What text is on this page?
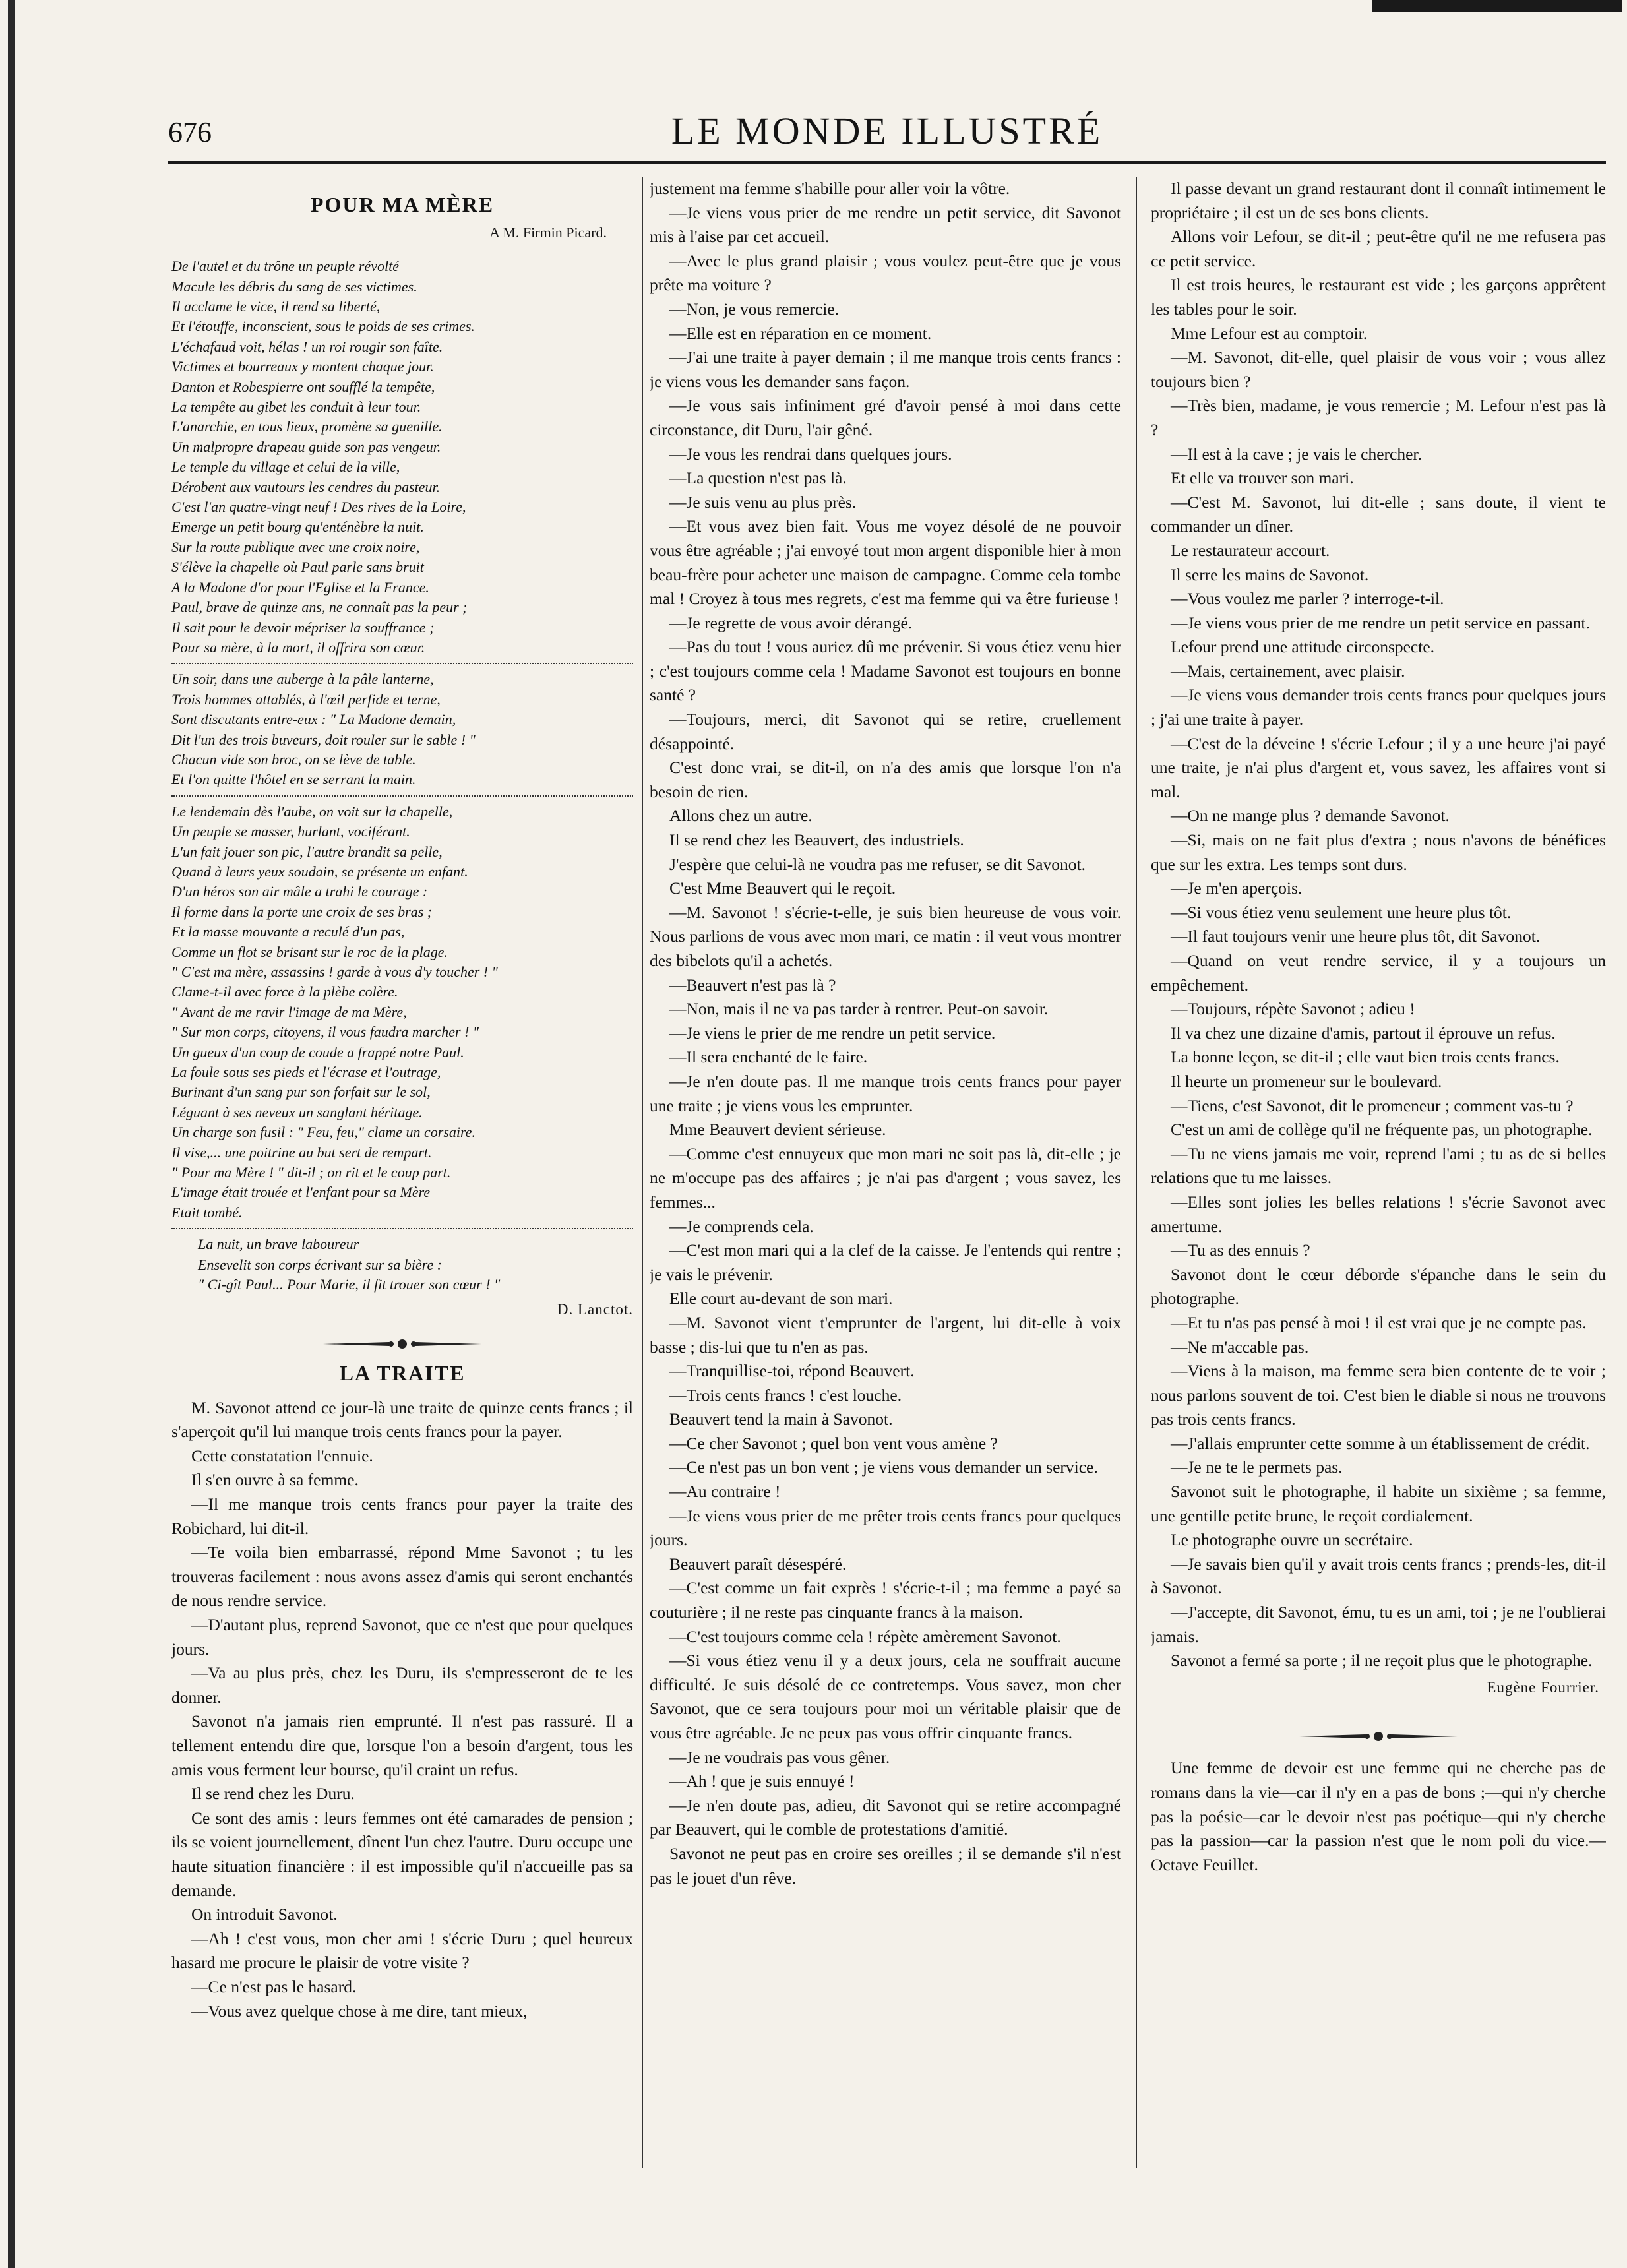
676	LE MONDE ILLUSTRÉ
POUR MA MÈRE
A M. Firmin Picard.
De l'autel et du trône un peuple révolté
Macule les débris du sang de ses victimes.
Il acclame le vice, il rend sa liberté,
Et l'étouffe, inconscient, sous le poids de ses crimes.
L'échafaud voit, hélas ! un roi rougir son faîte.
Victimes et bourreaux y montent chaque jour.
Danton et Robespierre ont soufflé la tempête,
La tempête au gibet les conduit à leur tour.
L'anarchie, en tous lieux, promène sa guenille.
Un malpropre drapeau guide son pas vengeur.
Le temple du village et celui de la ville,
Dérobent aux vautours les cendres du pasteur.
C'est l'an quatre-vingt neuf ! Des rives de la Loire,
Emerge un petit bourg qu'enténèbre la nuit.
Sur la route publique avec une croix noire,
S'élève la chapelle où Paul parle sans bruit
A la Madone d'or pour l'Eglise et la France.
Paul, brave de quinze ans, ne connaît pas la peur ;
Il sait pour le devoir mépriser la souffrance ;
Pour sa mère, à la mort, il offrira son cœur.
Un soir, dans une auberge à la pâle lanterne,
Trois hommes attablés, à l'œil perfide et terne,
Sont discutants entre-eux : " La Madone demain,
Dit l'un des trois buveurs, doit rouler sur le sable ! "
Chacun vide son broc, on se lève de table.
Et l'on quitte l'hôtel en se serrant la main.
Le lendemain dès l'aube, on voit sur la chapelle,
Un peuple se masser, hurlant, vociférant.
L'un fait jouer son pic, l'autre brandit sa pelle,
Quand à leurs yeux soudain, se présente un enfant.
D'un héros son air mâle a trahi le courage :
Il forme dans la porte une croix de ses bras ;
Et la masse mouvante a reculé d'un pas,
Comme un flot se brisant sur le roc de la plage.
" C'est ma mère, assassins ! garde à vous d'y toucher ! "
Clame-t-il avec force à la plèbe colère.
" Avant de me ravir l'image de ma Mère,
" Sur mon corps, citoyens, il vous faudra marcher ! "
Un gueux d'un coup de coude a frappé notre Paul.
La foule sous ses pieds et l'écrase et l'outrage,
Burinant d'un sang pur son forfait sur le sol,
Léguant à ses neveux un sanglant héritage.
Un charge son fusil : " Feu, feu," clame un corsaire.
Il vise,... une poitrine au but sert de rempart.
" Pour ma Mère ! " dit-il ; on rit et le coup part.
L'image était trouée et l'enfant pour sa Mère
Etait tombé.
La nuit, un brave laboureur
Ensevelit son corps écrivant sur sa bière :
" Ci-gît Paul... Pour Marie, il fit trouer son cœur ! "
D. Lanctot.
LA TRAITE

M. Savonot attend ce jour-là une traite de quinze cents francs ; il s'aperçoit qu'il lui manque trois cents francs pour la payer.

Cette constatation l'ennuie.

Il s'en ouvre à sa femme.

—Il me manque trois cents francs pour payer la traite des Robichard, lui dit-il.

—Te voila bien embarrassé, répond Mme Savonot ; tu les trouveras facilement : nous avons assez d'amis qui seront enchantés de nous rendre service.

—D'autant plus, reprend Savonot, que ce n'est que pour quelques jours.

—Va au plus près, chez les Duru, ils s'empresseront de te les donner.

Savonot n'a jamais rien emprunté. Il n'est pas rassuré. Il a tellement entendu dire que, lorsque l'on a besoin d'argent, tous les amis vous ferment leur bourse, qu'il craint un refus.

Il se rend chez les Duru.

Ce sont des amis : leurs femmes ont été camarades de pension ; ils se voient journellement, dînent l'un chez l'autre. Duru occupe une haute situation financière : il est impossible qu'il n'accueille pas sa demande.

On introduit Savonot.

—Ah ! c'est vous, mon cher ami ! s'écrie Duru ; quel heureux hasard me procure le plaisir de votre visite ?

—Ce n'est pas le hasard.

—Vous avez quelque chose à me dire, tant mieux,

justement ma femme s'habille pour aller voir la vôtre.

—Je viens vous prier de me rendre un petit service, dit Savonot mis à l'aise par cet accueil.

—Avec le plus grand plaisir ; vous voulez peut-être que je vous prête ma voiture ?

—Non, je vous remercie.

—Elle est en réparation en ce moment.

—J'ai une traite à payer demain ; il me manque trois cents francs : je viens vous les demander sans façon.

—Je vous sais infiniment gré d'avoir pensé à moi dans cette circonstance, dit Duru, l'air gêné.

—Je vous les rendrai dans quelques jours.

—La question n'est pas là.

—Je suis venu au plus près.

—Et vous avez bien fait. Vous me voyez désolé de ne pouvoir vous être agréable ; j'ai envoyé tout mon argent disponible hier à mon beau-frère pour acheter une maison de campagne. Comme cela tombe mal ! Croyez à tous mes regrets, c'est ma femme qui va être furieuse !

—Je regrette de vous avoir dérangé.

—Pas du tout ! vous auriez dû me prévenir. Si vous étiez venu hier ; c'est toujours comme cela ! Madame Savonot est toujours en bonne santé ?

—Toujours, merci, dit Savonot qui se retire, cruellement désappointé.

C'est donc vrai, se dit-il, on n'a des amis que lorsque l'on n'a besoin de rien.

Allons chez un autre.

Il se rend chez les Beauvert, des industriels.

J'espère que celui-là ne voudra pas me refuser, se dit Savonot.

C'est Mme Beauvert qui le reçoit.

—M. Savonot ! s'écrie-t-elle, je suis bien heureuse de vous voir. Nous parlions de vous avec mon mari, ce matin : il veut vous montrer des bibelots qu'il a achetés.

—Beauvert n'est pas là ?

—Non, mais il ne va pas tarder à rentrer. Peut-on savoir.

—Je viens le prier de me rendre un petit service.

—Il sera enchanté de le faire.

—Je n'en doute pas. Il me manque trois cents francs pour payer une traite ; je viens vous les emprunter.

Mme Beauvert devient sérieuse.

—Comme c'est ennuyeux que mon mari ne soit pas là, dit-elle ; je ne m'occupe pas des affaires ; je n'ai pas d'argent ; vous savez, les femmes...

—Je comprends cela.

—C'est mon mari qui a la clef de la caisse. Je l'entends qui rentre ; je vais le prévenir.

Elle court au-devant de son mari.

—M. Savonot vient t'emprunter de l'argent, lui dit-elle à voix basse ; dis-lui que tu n'en as pas.

—Tranquillise-toi, répond Beauvert.

—Trois cents francs ! c'est louche.

Beauvert tend la main à Savonot.

—Ce cher Savonot ; quel bon vent vous amène ?

—Ce n'est pas un bon vent ; je viens vous demander un service.

—Au contraire !

—Je viens vous prier de me prêter trois cents francs pour quelques jours.

Beauvert paraît désespéré.

—C'est comme un fait exprès ! s'écrie-t-il ; ma femme a payé sa couturière ; il ne reste pas cinquante francs à la maison.

—C'est toujours comme cela ! répète amèrement Savonot.

—Si vous étiez venu il y a deux jours, cela ne souffrait aucune difficulté. Je suis désolé de ce contretemps. Vous savez, mon cher Savonot, que ce sera toujours pour moi un véritable plaisir que de vous être agréable. Je ne peux pas vous offrir cinquante francs.

—Je ne voudrais pas vous gêner.

—Ah ! que je suis ennuyé !

—Je n'en doute pas, adieu, dit Savonot qui se retire accompagné par Beauvert, qui le comble de protestations d'amitié.

Savonot ne peut pas en croire ses oreilles ; il se demande s'il n'est pas le jouet d'un rêve.

Il passe devant un grand restaurant dont il connaît intimement le propriétaire ; il est un de ses bons clients.

Allons voir Lefour, se dit-il ; peut-être qu'il ne me refusera pas ce petit service.

Il est trois heures, le restaurant est vide ; les garçons apprêtent les tables pour le soir.

Mme Lefour est au comptoir.

—M. Savonot, dit-elle, quel plaisir de vous voir ; vous allez toujours bien ?

—Très bien, madame, je vous remercie ; M. Lefour n'est pas là ?

—Il est à la cave ; je vais le chercher.

Et elle va trouver son mari.

—C'est M. Savonot, lui dit-elle ; sans doute, il vient te commander un dîner.

Le restaurateur accourt.

Il serre les mains de Savonot.

—Vous voulez me parler ? interroge-t-il.

—Je viens vous prier de me rendre un petit service en passant.

Lefour prend une attitude circonspecte.

—Mais, certainement, avec plaisir.

—Je viens vous demander trois cents francs pour quelques jours ; j'ai une traite à payer.

—C'est de la déveine ! s'écrie Lefour ; il y a une heure j'ai payé une traite, je n'ai plus d'argent et, vous savez, les affaires vont si mal.

—On ne mange plus ? demande Savonot.

—Si, mais on ne fait plus d'extra ; nous n'avons de bénéfices que sur les extra. Les temps sont durs.

—Je m'en aperçois.

—Si vous étiez venu seulement une heure plus tôt.

—Il faut toujours venir une heure plus tôt, dit Savonot.

—Quand on veut rendre service, il y a toujours un empêchement.

—Toujours, répète Savonot ; adieu !

Il va chez une dizaine d'amis, partout il éprouve un refus.

La bonne leçon, se dit-il ; elle vaut bien trois cents francs.

Il heurte un promeneur sur le boulevard.

—Tiens, c'est Savonot, dit le promeneur ; comment vas-tu ?

C'est un ami de collège qu'il ne fréquente pas, un photographe.

—Tu ne viens jamais me voir, reprend l'ami ; tu as de si belles relations que tu me laisses.

—Elles sont jolies les belles relations ! s'écrie Savonot avec amertume.

—Tu as des ennuis ?

Savonot dont le cœur déborde s'épanche dans le sein du photographe.

—Et tu n'as pas pensé à moi ! il est vrai que je ne compte pas.

—Ne m'accable pas.

—Viens à la maison, ma femme sera bien contente de te voir ; nous parlons souvent de toi. C'est bien le diable si nous ne trouvons pas trois cents francs.

—J'allais emprunter cette somme à un établissement de crédit.

—Je ne te le permets pas.

Savonot suit le photographe, il habite un sixième ; sa femme, une gentille petite brune, le reçoit cordialement.

Le photographe ouvre un secrétaire.

—Je savais bien qu'il y avait trois cents francs ; prends-les, dit-il à Savonot.

—J'accepte, dit Savonot, ému, tu es un ami, toi ; je ne l'oublierai jamais.

Savonot a fermé sa porte ; il ne reçoit plus que le photographe.

Eugène Fourrier.

Une femme de devoir est une femme qui ne cherche pas de romans dans la vie—car il n'y en a pas de bons ;—qui n'y cherche pas la poésie—car le devoir n'est pas poétique—qui n'y cherche pas la passion—car la passion n'est que le nom poli du vice.—Octave Feuillet.
